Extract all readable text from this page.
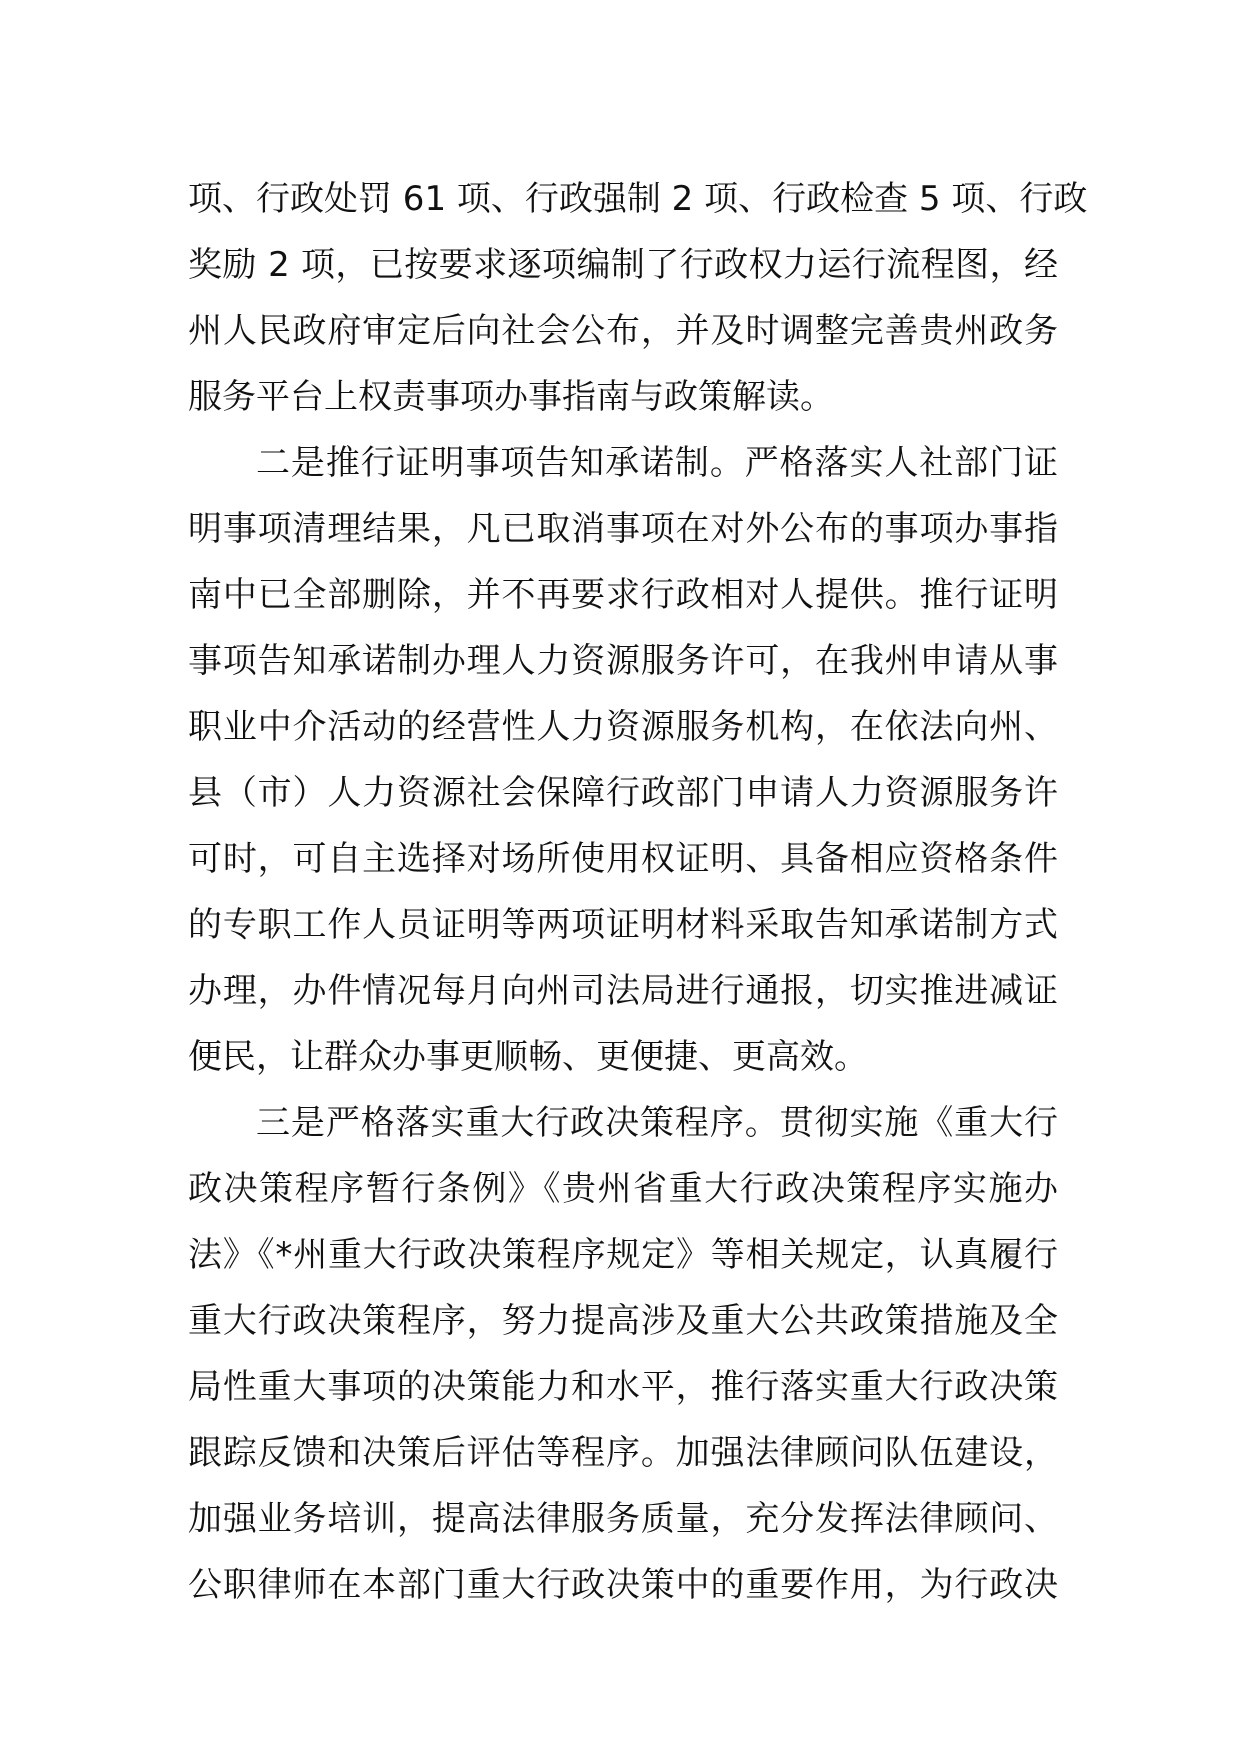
项、行政处罚 61 项、行政强制 2 项、行政检查 5 项、行政
奖励 2 项，已按要求逐项编制了行政权力运行流程图，经
州人民政府审定后向社会公布，并及时调整完善贵州政务
服务平台上权责事项办事指南与政策解读。
二是推行证明事项告知承诺制。严格落实人社部门证
明事项清理结果，凡已取消事项在对外公布的事项办事指
南中已全部删除，并不再要求行政相对人提供。推行证明
事项告知承诺制办理人力资源服务许可，在我州申请从事
职业中介活动的经营性人力资源服务机构，在依法向州、
县（市）人力资源社会保障行政部门申请人力资源服务许
可时，可自主选择对场所使用权证明、具备相应资格条件
的专职工作人员证明等两项证明材料采取告知承诺制方式
办理，办件情况每月向州司法局进行通报，切实推进减证
便民，让群众办事更顺畅、更便捷、更高效。
三是严格落实重大行政决策程序。贯彻实施《重大行
政决策程序暂行条例》《贵州省重大行政决策程序实施办
法》《*州重大行政决策程序规定》等相关规定，认真履行
重大行政决策程序，努力提高涉及重大公共政策措施及全
局性重大事项的决策能力和水平，推行落实重大行政决策
跟踪反馈和决策后评估等程序。加强法律顾问队伍建设，
加强业务培训，提高法律服务质量，充分发挥法律顾问、
公职律师在本部门重大行政决策中的重要作用，为行政决
